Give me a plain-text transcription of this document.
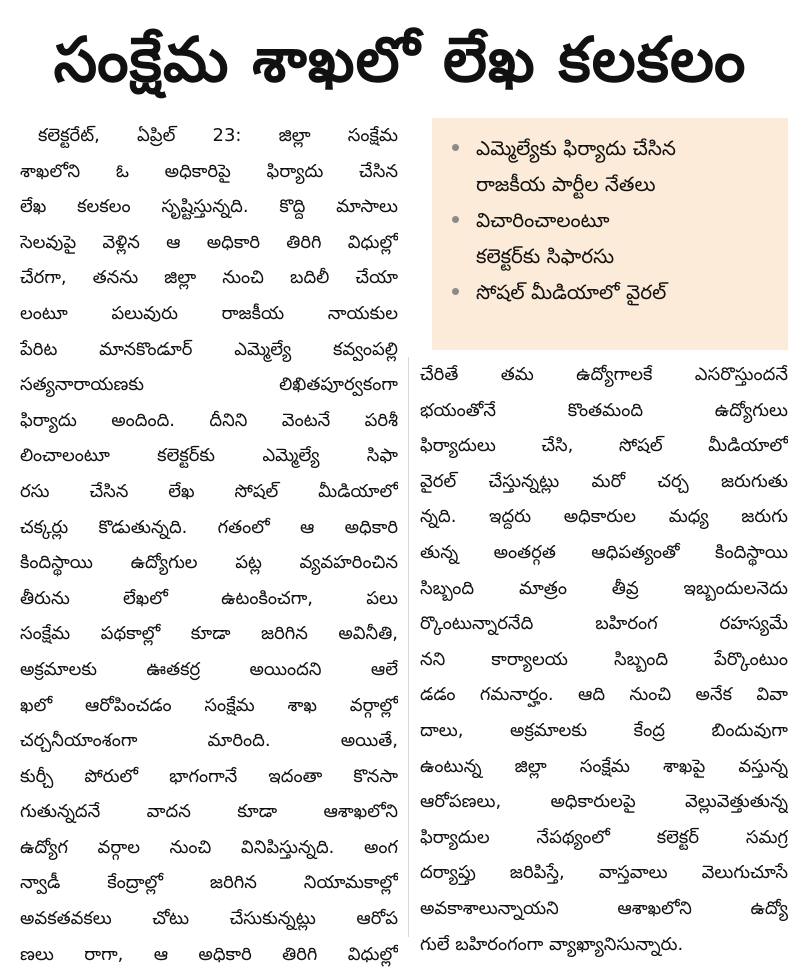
సంక్షేమ శాఖలో లేఖ కలకలం
ఎమ్మెల్యేకు ఫిర్యాదు చేసిన
రాజకీయ పార్టీల నేతలు
విచారించాలంటూ
కలెక్టర్‌కు సిఫారసు
సోషల్ మీడియాలో వైరల్
కలెక్టరేట్, ఏప్రిల్ 23: జిల్లా సంక్షేమ
శాఖలోని ఓ అధికారిపై ఫిర్యాదు చేసిన
లేఖ కలకలం సృష్టిస్తున్నది. కొద్ది మాసాలు
సెలవుపై వెళ్లిన ఆ అధికారి తిరిగి విధుల్లో
చేరగా, తనను జిల్లా నుంచి బదిలీ చేయా
లంటూ పలువురు రాజకీయ నాయకుల
పేరిట మానకొండూర్ ఎమ్మెల్యే కవ్వంపల్లి
సత్యనారాయణకు లిఖితపూర్వకంగా
ఫిర్యాదు అందింది. దీనిని వెంటనే పరిశీ
లించాలంటూ కలెక్టర్‌కు ఎమ్మెల్యే సిఫా
రసు చేసిన లేఖ సోషల్ మీడియాలో
చక్కర్లు కొడుతున్నది. గతంలో ఆ అధికారి
కిందిస్థాయి ఉద్యోగుల పట్ల వ్యవహరించిన
తీరును లేఖలో ఉటంకించగా, పలు
సంక్షేమ పథకాల్లో కూడా జరిగిన అవినీతి,
అక్రమాలకు ఊతకర్ర అయిందని ఆలే
ఖలో ఆరోపించడం సంక్షేమ శాఖ వర్గాల్లో
చర్చనీయాంశంగా మారింది. అయితే,
కుర్చీ పోరులో భాగంగానే ఇదంతా కొనసా
గుతున్నదనే వాదన కూడా ఆశాఖలోని
ఉద్యోగ వర్గాల నుంచి వినిపిస్తున్నది. అంగ
న్వాడీ కేంద్రాల్లో జరిగిన నియామకాల్లో
అవకతవకలు చోటు చేసుకున్నట్లు ఆరోప
ణలు రాగా, ఆ అధికారి తిరిగి విధుల్లో
చేరితే తమ ఉద్యోగాలకే ఎసరొస్తుందనే
భయంతోనే కొంతమంది ఉద్యోగులు
ఫిర్యాదులు చేసి, సోషల్ మీడియాలో
వైరల్ చేస్తున్నట్లు మరో చర్చ జరుగుతు
న్నది. ఇద్దరు అధికారుల మధ్య జరుగు
తున్న అంతర్గత ఆధిపత్యంతో కిందిస్థాయి
సిబ్బంది మాత్రం తీవ్ర ఇబ్బందులనెదు
ర్కొంటున్నారనేది బహిరంగ రహస్యమే
నని కార్యాలయ సిబ్బంది పేర్కొంటుం
డడం గమనార్హం. ఆది నుంచి అనేక వివా
దాలు, అక్రమాలకు కేంద్ర బిందువుగా
ఉంటున్న జిల్లా సంక్షేమ శాఖపై వస్తున్న
ఆరోపణలు, అధికారులపై వెల్లువెత్తుతున్న
ఫిర్యాదుల నేపథ్యంలో కలెక్టర్ సమగ్ర
దర్యాప్తు జరిపిస్తే, వాస్తవాలు వెలుగుచూసే
అవకాశాలున్నాయని ఆశాఖలోని ఉద్యో
గులే బహిరంగంగా వ్యాఖ్యానిసున్నారు.
